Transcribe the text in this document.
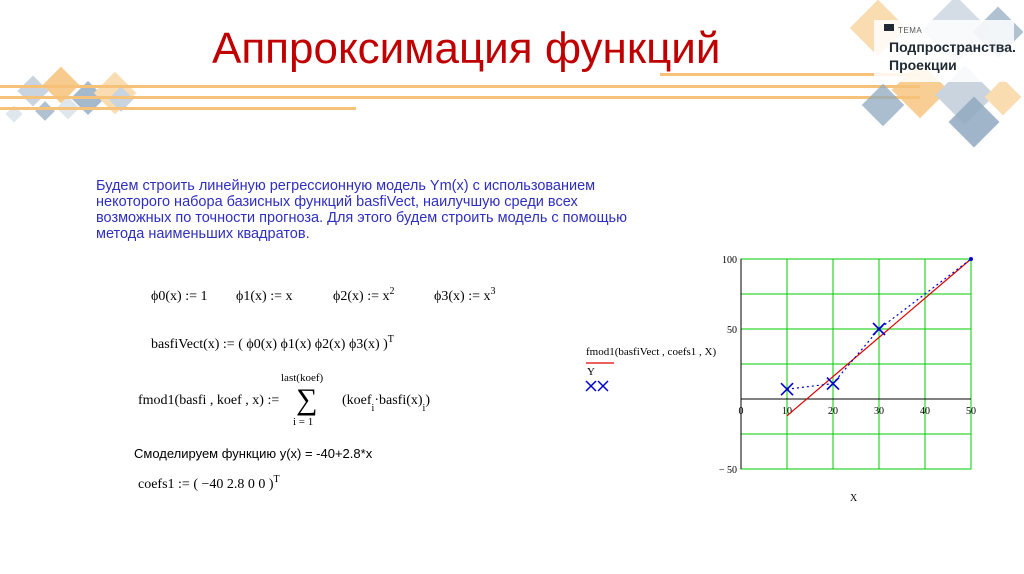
Аппроксимация функций	ТЕМА
Подпространства.
Проекции
Будем строить линейную регрессионную модель Ym(x) с использованием некоторого набора базисных функций basfiVect, наилучшую среди всех возможных по точности прогноза. Для этого будем строить модель с помощью метода наименьших квадратов.
ϕ0(x) := 1 ϕ1(x) := x	ϕ2(x) := $x^2$	ϕ3(x) := $x^3$
basfiVect(x) := ( ϕ0(x) ϕ1(x) ϕ2(x) ϕ3(x) )$^T$
fmod1(basfi , koef , x) :=
last(koef)
∑
i = 1
$(koef_i\cdot basfi(x)_i)$
Смоделируем функцию y(x) = -40+2.8*x
coefs1 := ( −40 2.8 0 0 )$^T$
fmod1(basfiVect , coefs1 , X)
Y
0	10	20	30	40	50
100
50
− 50
X
